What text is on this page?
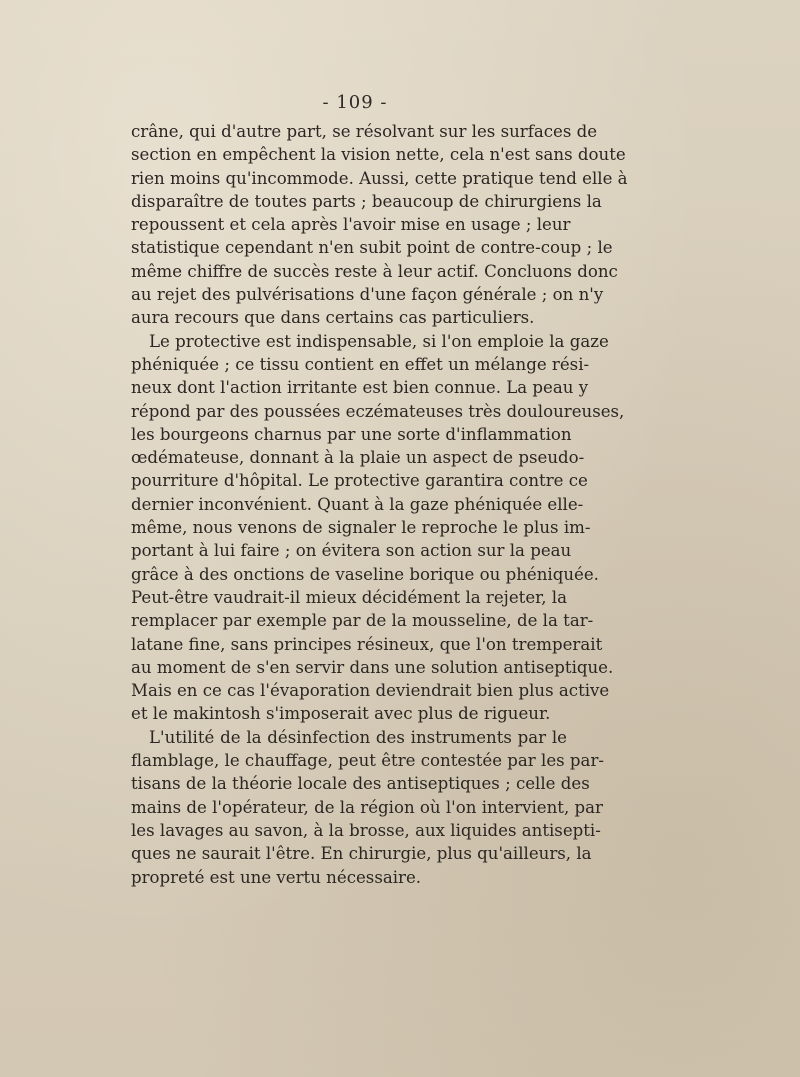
- 109 -
crâne, qui d'autre part, se résolvant sur les surfaces de
section en empêchent la vision nette, cela n'est sans doute
rien moins qu'incommode. Aussi, cette pratique tend elle à
disparaître de toutes parts ; beaucoup de chirurgiens la
repoussent et cela après l'avoir mise en usage ; leur
statistique cependant n'en subit point de contre-coup ; le
même chiffre de succès reste à leur actif. Concluons donc
au rejet des pulvérisations d'une façon générale ; on n'y
aura recours que dans certains cas particuliers.
Le protective est indispensable, si l'on emploie la gaze
phéniquée ; ce tissu contient en effet un mélange rési-
neux dont l'action irritante est bien connue. La peau y
répond par des poussées eczémateuses très douloureuses,
les bourgeons charnus par une sorte d'inflammation
œdémateuse, donnant à la plaie un aspect de pseudo-
pourriture d'hôpital. Le protective garantira contre ce
dernier inconvénient. Quant à la gaze phéniquée elle-
même, nous venons de signaler le reproche le plus im-
portant à lui faire ; on évitera son action sur la peau
grâce à des onctions de vaseline borique ou phéniquée.
Peut-être vaudrait-il mieux décidément la rejeter, la
remplacer par exemple par de la mousseline, de la tar-
latane fine, sans principes résineux, que l'on tremperait
au moment de s'en servir dans une solution antiseptique.
Mais en ce cas l'évaporation deviendrait bien plus active
et le makintosh s'imposerait avec plus de rigueur.
L'utilité de la désinfection des instruments par le
flamblage, le chauffage, peut être contestée par les par-
tisans de la théorie locale des antiseptiques ; celle des
mains de l'opérateur, de la région où l'on intervient, par
les lavages au savon, à la brosse, aux liquides antisepti-
ques ne saurait l'être. En chirurgie, plus qu'ailleurs, la
propreté est une vertu nécessaire.
